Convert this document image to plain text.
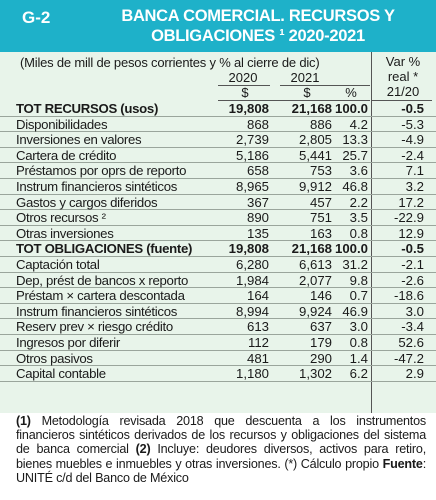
G-2	BANCA COMERCIAL. RECURSOS Y
OBLIGACIONES ¹ 2020-2021
(Miles de mill de pesos corrientes y % al cierre de dic)	Var %
real *
2020	2021
$	$	%	21/20
TOT RECURSOS (usos)	19,808	21,168 100.0	-0.5
Disponibilidades	868	886	4.2	-5.3
Inversiones en valores	2,739	2,805 13.3	-4.9
Cartera de crédito	5,186	5,441 25.7	-2.4
Préstamos por oprs de reporto	658	753	3.6	7.1
Instrum financieros sintéticos	8,965	9,912 46.8	3.2
Gastos y cargos diferidos	367	457	2.2	17.2
Otros recursos ²	890	751	3.5	-22.9
Otras inversiones	135	163	0.8	12.9
TOT OBLIGACIONES (fuente)	19,808	21,168 100.0	-0.5
Captación total	6,280	6,613 31.2	-2.1
Dep, prést de bancos x reporto	1,984	2,077	9.8	-2.6
Préstam × cartera descontada	164	146	0.7	-18.6
Instrum financieros sintéticos	8,994	9,924 46.9	3.0
Reserv prev × riesgo crédito	613	637	3.0	-3.4
Ingresos por diferir	112	179	0.8	52.6
Otros pasivos	481	290	1.4	-47.2
Capital contable	1,180	1,302	6.2	2.9
(1) Metodología revisada 2018 que descuenta a los instrumentos financieros sintéticos derivados de los recursos y obligaciones del sistema de banca comercial (2) Incluye: deudores diversos, activos para retiro, bienes muebles e inmuebles y otras inversiones. (*) Cálculo propio Fuente: UNITÉ c/d del Banco de México
